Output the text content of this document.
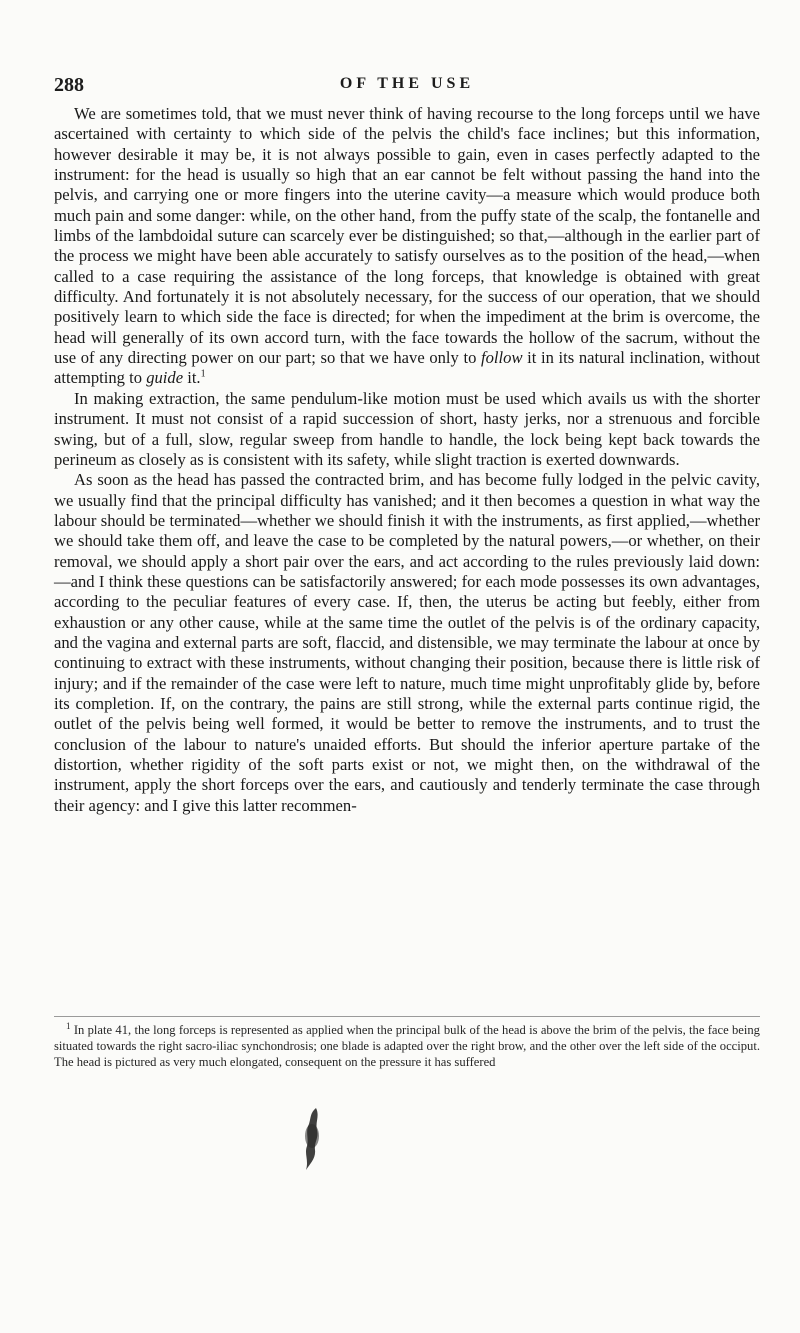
288	OF THE USE

We are sometimes told, that we must never think of having recourse to the long forceps until we have ascertained with certainty to which side of the pelvis the child's face inclines; but this information, however desirable it may be, it is not always possible to gain, even in cases perfectly adapted to the instrument: for the head is usually so high that an ear cannot be felt without passing the hand into the pelvis, and carrying one or more fingers into the uterine cavity—a measure which would produce both much pain and some danger: while, on the other hand, from the puffy state of the scalp, the fontanelle and limbs of the lambdoidal suture can scarcely ever be distinguished; so that,—although in the earlier part of the process we might have been able accurately to satisfy ourselves as to the position of the head,—when called to a case requiring the assistance of the long forceps, that knowledge is obtained with great difficulty. And fortunately it is not absolutely necessary, for the success of our operation, that we should positively learn to which side the face is directed; for when the impediment at the brim is overcome, the head will generally of its own accord turn, with the face towards the hollow of the sacrum, without the use of any directing power on our part; so that we have only to follow it in its natural inclination, without attempting to guide it.$^1$

In making extraction, the same pendulum-like motion must be used which avails us with the shorter instrument. It must not consist of a rapid succession of short, hasty jerks, nor a strenuous and forcible swing, but of a full, slow, regular sweep from handle to handle, the lock being kept back towards the perineum as closely as is consistent with its safety, while slight traction is exerted downwards.

As soon as the head has passed the contracted brim, and has become fully lodged in the pelvic cavity, we usually find that the principal difficulty has vanished; and it then becomes a question in what way the labour should be terminated—whether we should finish it with the instruments, as first applied,—whether we should take them off, and leave the case to be completed by the natural powers,—or whether, on their removal, we should apply a short pair over the ears, and act according to the rules previously laid down:—and I think these questions can be satisfactorily answered; for each mode possesses its own advantages, according to the peculiar features of every case. If, then, the uterus be acting but feebly, either from exhaustion or any other cause, while at the same time the outlet of the pelvis is of the ordinary capacity, and the vagina and external parts are soft, flaccid, and distensible, we may terminate the labour at once by continuing to extract with these instruments, without changing their position, because there is little risk of injury; and if the remainder of the case were left to nature, much time might unprofitably glide by, before its completion. If, on the contrary, the pains are still strong, while the external parts continue rigid, the outlet of the pelvis being well formed, it would be better to remove the instruments, and to trust the conclusion of the labour to nature's unaided efforts. But should the inferior aperture partake of the distortion, whether rigidity of the soft parts exist or not, we might then, on the withdrawal of the instrument, apply the short forceps over the ears, and cautiously and tenderly terminate the case through their agency: and I give this latter recommen-

$^1$ In plate 41, the long forceps is represented as applied when the principal bulk of the head is above the brim of the pelvis, the face being situated towards the right sacro-iliac synchondrosis; one blade is adapted over the right brow, and the other over the left side of the occiput. The head is pictured as very much elongated, consequent on the pressure it has suffered
